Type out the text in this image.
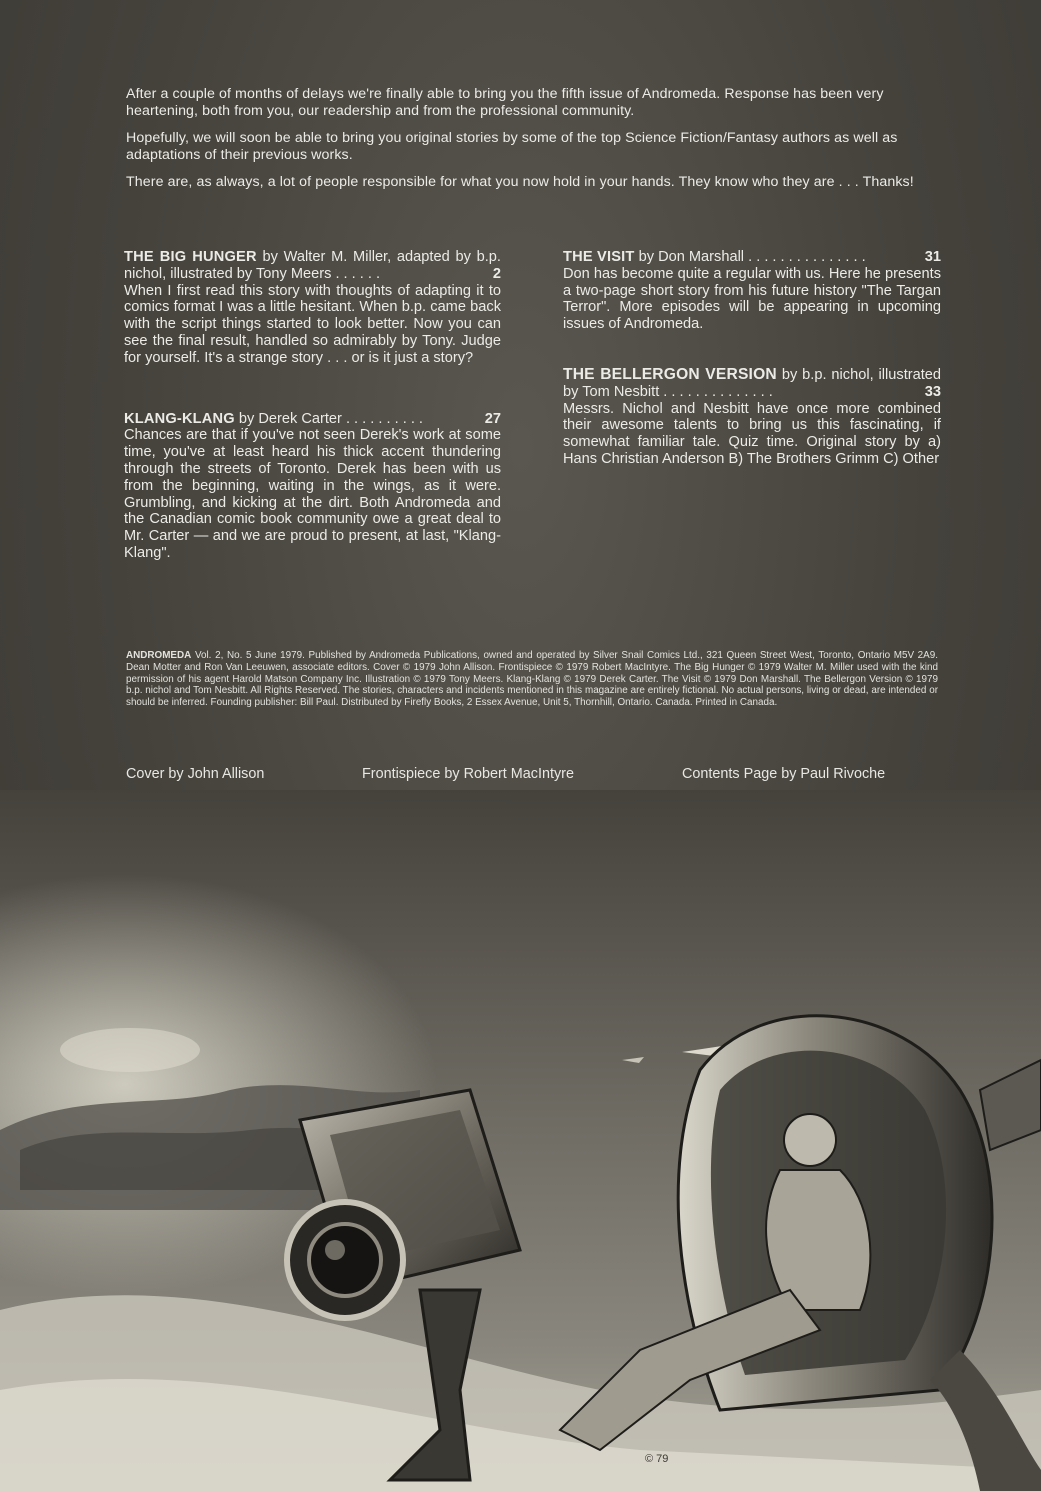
After a couple of months of delays we're finally able to bring you the fifth issue of Andromeda. Response has been very heartening, both from you, our readership and from the professional community.

Hopefully, we will soon be able to bring you original stories by some of the top Science Fiction/Fantasy authors as well as adaptations of their previous works.

There are, as always, a lot of people responsible for what you now hold in your hands. They know who they are . . . Thanks!

THE BIG HUNGER by Walter M. Miller, adapted by b.p. nichol, illustrated by Tony Meers . . . . . .	2

When I first read this story with thoughts of adapting it to comics format I was a little hesitant. When b.p. came back with the script things started to look better. Now you can see the final result, handled so admirably by Tony. Judge for yourself. It's a strange story . . . or is it just a story?

KLANG-KLANG by Derek Carter . . . . . . . . . .	27

Chances are that if you've not seen Derek's work at some time, you've at least heard his thick accent thundering through the streets of Toronto. Derek has been with us from the beginning, waiting in the wings, as it were. Grumbling, and kicking at the dirt. Both Andromeda and the Canadian comic book community owe a great deal to Mr. Carter — and we are proud to present, at last, "Klang-Klang".

THE VISIT by Don Marshall . . . . . . . . . . . . . . .	31

Don has become quite a regular with us. Here he presents a two-page short story from his future history "The Targan Terror". More episodes will be appearing in upcoming issues of Andromeda.

THE BELLERGON VERSION by b.p. nichol, illustrated by Tom Nesbitt . . . . . . . . . . . . . .	33

Messrs. Nichol and Nesbitt have once more combined their awesome talents to bring us this fascinating, if somewhat familiar tale. Quiz time. Original story by a) Hans Christian Anderson B) The Brothers Grimm C) Other

ANDROMEDA Vol. 2, No. 5 June 1979. Published by Andromeda Publications, owned and operated by Silver Snail Comics Ltd., 321 Queen Street West, Toronto, Ontario M5V 2A9. Dean Motter and Ron Van Leeuwen, associate editors. Cover © 1979 John Allison. Frontispiece © 1979 Robert MacIntyre. The Big Hunger © 1979 Walter M. Miller used with the kind permission of his agent Harold Matson Company Inc. Illustration © 1979 Tony Meers. Klang-Klang © 1979 Derek Carter. The Visit © 1979 Don Marshall. The Bellergon Version © 1979 b.p. nichol and Tom Nesbitt. All Rights Reserved. The stories, characters and incidents mentioned in this magazine are entirely fictional. No actual persons, living or dead, are intended or should be inferred. Founding publisher: Bill Paul. Distributed by Firefly Books, 2 Essex Avenue, Unit 5, Thornhill, Ontario. Canada. Printed in Canada.
Cover by John Allison	Frontispiece by Robert MacIntyre	Contents Page by Paul Rivoche
© 79
